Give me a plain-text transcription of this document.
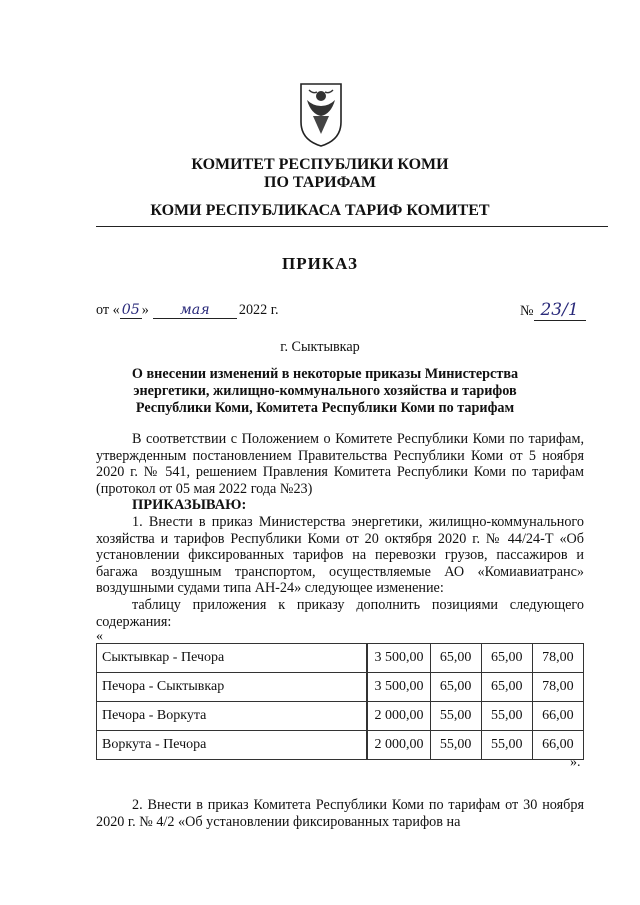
КОМИТЕТ РЕСПУБЛИКИ КОМИ
ПО ТАРИФАМ
КОМИ РЕСПУБЛИКАСА ТАРИФ КОМИТЕТ
ПРИКАЗ
от « 05 » мая 2022 г.	№ 23/1
г. Сыктывкар
О внесении изменений в некоторые приказы Министерства энергетики, жилищно-коммунального хозяйства и тарифов Республики Коми, Комитета Республики Коми по тарифам
В соответствии с Положением о Комитете Республики Коми по тарифам, утвержденным постановлением Правительства Республики Коми от 5 ноября 2020 г. № 541, решением Правления Комитета Республики Коми по тарифам (протокол от 05 мая 2022 года №23)
ПРИКАЗЫВАЮ:
1. Внести в приказ Министерства энергетики, жилищно-коммунального хозяйства и тарифов Республики Коми от 20 октября 2020 г. № 44/24-Т «Об установлении фиксированных тарифов на перевозки грузов, пассажиров и багажа воздушным транспортом, осуществляемые АО «Комиавиатранс» воздушными судами типа АН-24» следующее изменение:
таблицу приложения к приказу дополнить позициями следующего содержания:
«
Сыктывкар - Печора	3 500,00	65,00	65,00	78,00
Печора - Сыктывкар	3 500,00	65,00	65,00	78,00
Печора - Воркута	2 000,00	55,00	55,00	66,00
Воркута - Печора	2 000,00	55,00	55,00	66,00
».
2. Внести в приказ Комитета Республики Коми по тарифам от 30 ноября 2020 г. № 4/2 «Об установлении фиксированных тарифов на
